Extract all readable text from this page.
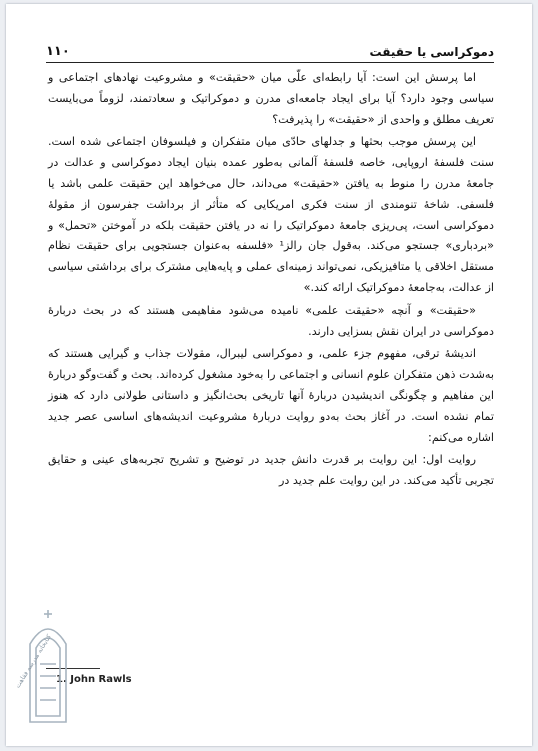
۱۱۰	دموکراسی یا حقیقت

اما پرسش این است: آیا رابطه‌ای علّی میان «حقیقت» و مشروعیت نهادهای اجتماعی و سیاسی وجود دارد؟ آیا برای ایجاد جامعه‌ای مدرن و دموکراتیک و سعادتمند، لزوماً می‌بایست تعریف مطلق و واحدی از «حقیقت» را پذیرفت؟

این پرسش موجب بحثها و جدلهای حادّی میان متفکران و فیلسوفان اجتماعی شده است. سنت فلسفهٔ اروپایی، خاصه فلسفهٔ آلمانی به‌طور عمده بنیان ایجاد دموکراسی و عدالت در جامعهٔ مدرن را منوط به یافتن «حقیقت» می‌داند، حال می‌خواهد این حقیقت علمی باشد یا فلسفی. شاخهٔ تنومندی از سنت فکری امریکایی که متأثر از برداشت جفرسون از مقولهٔ دموکراسی است، پی‌ریزی جامعهٔ دموکراتیک را نه در یافتن حقیقت بلکه در آموختن «تحمل» و «بردباری» جستجو می‌کند. به‌قول جان رالز¹ «فلسفه به‌عنوان جستجویی برای حقیقت نظام مستقل اخلاقی یا متافیزیکی، نمی‌تواند زمینه‌ای عملی و پایه‌هایی مشترک برای برداشتی سیاسی از عدالت، به‌جامعهٔ دموکراتیک ارائه کند.»

«حقیقت» و آنچه «حقیقت علمی» نامیده می‌شود مفاهیمی هستند که در بحث دربارهٔ دموکراسی در ایران نقش بسزایی دارند.

اندیشهٔ ترقی، مفهوم جزء علمی، و دموکراسی لیبرال، مقولات جذاب و گیرایی هستند که به‌شدت ذهن متفکران علوم انسانی و اجتماعی را به‌خود مشغول کرده‌اند. بحث و گفت‌وگو دربارهٔ این مفاهیم و چگونگی اندیشیدن دربارهٔ آنها تاریخی بحث‌انگیز و داستانی طولانی دارد که هنوز تمام نشده است. در آغاز بحث به‌دو روایت دربارهٔ مشروعیت اندیشه‌های اساسی عصر جدید اشاره می‌کنم:

روایت اول: این روایت بر قدرت دانش جدید در توضیح و تشریح تجربه‌های عینی و حقایق تجربی تأکید می‌کند. در این روایت علم جدید در

1. John Rawls
کتابخانه مدرسه فقاهت
